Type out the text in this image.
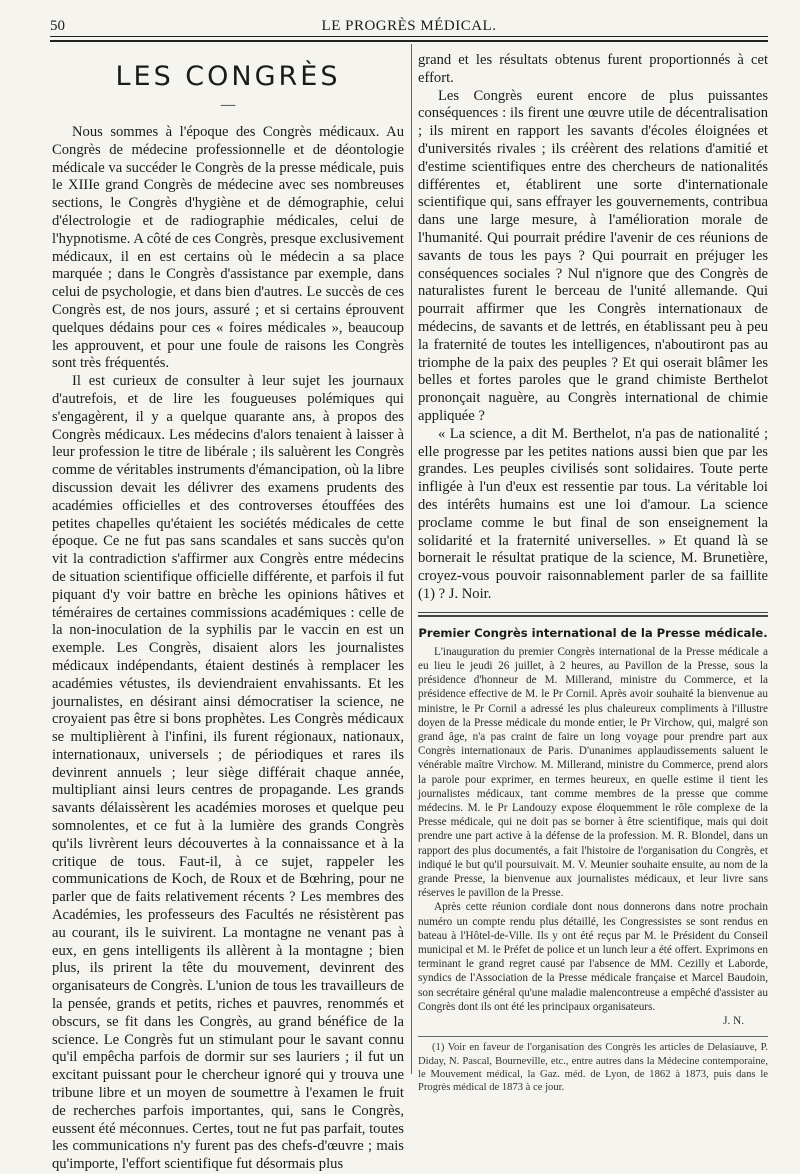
50	LE PROGRÈS MÉDICAL.
LES CONGRÈS
—

Nous sommes à l'époque des Congrès médicaux. Au Congrès de médecine professionnelle et de déontologie médicale va succéder le Congrès de la presse médicale, puis le XIIIe grand Congrès de médecine avec ses nombreuses sections, le Congrès d'hygiène et de démographie, celui d'électrologie et de radiographie médicales, celui de l'hypnotisme. A côté de ces Congrès, presque exclusivement médicaux, il en est certains où le médecin a sa place marquée ; dans le Congrès d'assistance par exemple, dans celui de psychologie, et dans bien d'autres. Le succès de ces Congrès est, de nos jours, assuré ; et si certains éprouvent quelques dédains pour ces « foires médicales », beaucoup les approuvent, et pour une foule de raisons les Congrès sont très fréquentés.

Il est curieux de consulter à leur sujet les journaux d'autrefois, et de lire les fougueuses polémiques qui s'engagèrent, il y a quelque quarante ans, à propos des Congrès médicaux. Les médecins d'alors tenaient à laisser à leur profession le titre de libérale ; ils saluèrent les Congrès comme de véritables instruments d'émancipation, où la libre discussion devait les délivrer des examens prudents des académies officielles et des controverses étouffées des petites chapelles qu'étaient les sociétés médicales de cette époque. Ce ne fut pas sans scandales et sans succès qu'on vit la contradiction s'affirmer aux Congrès entre médecins de situation scientifique officielle différente, et parfois il fut piquant d'y voir battre en brèche les opinions hâtives et téméraires de certaines commissions académiques : celle de la non-inoculation de la syphilis par le vaccin en est un exemple. Les Congrès, disaient alors les journalistes médicaux indépendants, étaient destinés à remplacer les académies vétustes, ils deviendraient envahissants. Et les journalistes, en désirant ainsi démocratiser la science, ne croyaient pas être si bons prophètes. Les Congrès médicaux se multiplièrent à l'infini, ils furent régionaux, nationaux, internationaux, universels ; de périodiques et rares ils devinrent annuels ; leur siège différait chaque année, multipliant ainsi leurs centres de propagande. Les grands savants délaissèrent les académies moroses et quelque peu somnolentes, et ce fut à la lumière des grands Congrès qu'ils livrèrent leurs découvertes à la connaissance et à la critique de tous. Faut-il, à ce sujet, rappeler les communications de Koch, de Roux et de Bœhring, pour ne parler que de faits relativement récents ? Les membres des Académies, les professeurs des Facultés ne résistèrent pas au courant, ils le suivirent. La montagne ne venant pas à eux, en gens intelligents ils allèrent à la montagne ; bien plus, ils prirent la tête du mouvement, devinrent des organisateurs de Congrès. L'union de tous les travailleurs de la pensée, grands et petits, riches et pauvres, renommés et obscurs, se fit dans les Congrès, au grand bénéfice de la science. Le Congrès fut un stimulant pour le savant connu qu'il empêcha parfois de dormir sur ses lauriers ; il fut un excitant puissant pour le chercheur ignoré qui y trouva une tribune libre et un moyen de soumettre à l'examen le fruit de recherches parfois importantes, qui, sans le Congrès, eussent été méconnues. Certes, tout ne fut pas parfait, toutes les communications n'y furent pas des chefs-d'œuvre ; mais qu'importe, l'effort scientifique fut désormais plus

grand et les résultats obtenus furent proportionnés à cet effort.

Les Congrès eurent encore de plus puissantes conséquences : ils firent une œuvre utile de décentralisation ; ils mirent en rapport les savants d'écoles éloignées et d'universités rivales ; ils créèrent des relations d'amitié et d'estime scientifiques entre des chercheurs de nationalités différentes et, établirent une sorte d'internationale scientifique qui, sans effrayer les gouvernements, contribua dans une large mesure, à l'amélioration morale de l'humanité. Qui pourrait prédire l'avenir de ces réunions de savants de tous les pays ? Qui pourrait en préjuger les conséquences sociales ? Nul n'ignore que des Congrès de naturalistes furent le berceau de l'unité allemande. Qui pourrait affirmer que les Congrès internationaux de médecins, de savants et de lettrés, en établissant peu à peu la fraternité de toutes les intelligences, n'aboutiront pas au triomphe de la paix des peuples ? Et qui oserait blâmer les belles et fortes paroles que le grand chimiste Berthelot prononçait naguère, au Congrès international de chimie appliquée ?

« La science, a dit M. Berthelot, n'a pas de nationalité ; elle progresse par les petites nations aussi bien que par les grandes. Les peuples civilisés sont solidaires. Toute perte infligée à l'un d'eux est ressentie par tous. La véritable loi des intérêts humains est une loi d'amour. La science proclame comme le but final de son enseignement la solidarité et la fraternité universelles. » Et quand là se bornerait le résultat pratique de la science, M. Brunetière, croyez-vous pouvoir raisonnablement parler de sa faillite (1) ? J. Noir.

Premier Congrès international de la Presse médicale.

L'inauguration du premier Congrès international de la Presse médicale a eu lieu le jeudi 26 juillet, à 2 heures, au Pavillon de la Presse, sous la présidence d'honneur de M. Millerand, ministre du Commerce, et la présidence effective de M. le Pr Cornil. Après avoir souhaité la bienvenue au ministre, le Pr Cornil a adressé les plus chaleureux compliments à l'illustre doyen de la Presse médicale du monde entier, le Pr Virchow, qui, malgré son grand âge, n'a pas craint de faire un long voyage pour prendre part aux Congrès internationaux de Paris. D'unanimes applaudissements saluent le vénérable maître Virchow. M. Millerand, ministre du Commerce, prend alors la parole pour exprimer, en termes heureux, en quelle estime il tient les journalistes médicaux, tant comme membres de la presse que comme médecins. M. le Pr Landouzy expose éloquemment le rôle complexe de la Presse médicale, qui ne doit pas se borner à être scientifique, mais qui doit prendre une part active à la défense de la profession. M. R. Blondel, dans un rapport des plus documentés, a fait l'histoire de l'organisation du Congrès, et indiqué le but qu'il poursuivait. M. V. Meunier souhaite ensuite, au nom de la grande Presse, la bienvenue aux journalistes médicaux, et leur livre sans réserves le pavillon de la Presse.

Après cette réunion cordiale dont nous donnerons dans notre prochain numéro un compte rendu plus détaillé, les Congressistes se sont rendus en bateau à l'Hôtel-de-Ville. Ils y ont été reçus par M. le Président du Conseil municipal et M. le Préfet de police et un lunch leur a été offert. Exprimons en terminant le grand regret causé par l'absence de MM. Cezilly et Laborde, syndics de l'Association de la Presse médicale française et Marcel Baudoin, son secrétaire général qu'une maladie malencontreuse a empêché d'assister au Congrès dont ils ont été les principaux organisateurs.

J. N.

(1) Voir en faveur de l'organisation des Congrès les articles de Delasiauve, P. Diday, N. Pascal, Bourneville, etc., entre autres dans la Médecine contemporaine, le Mouvement médical, la Gaz. méd. de Lyon, de 1862 à 1873, puis dans le Progrès médical de 1873 à ce jour.
